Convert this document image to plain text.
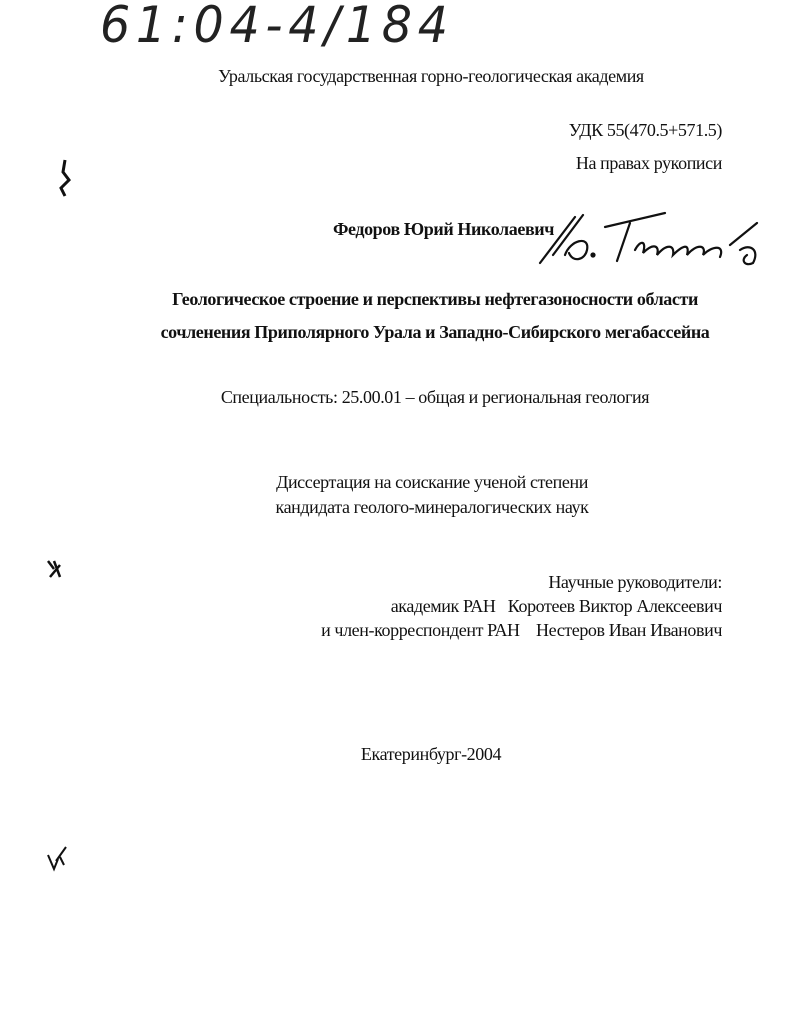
61:04-4/184
Уральская государственная горно-геологическая академия
УДК 55(470.5+571.5)
На правах рукописи
Федоров Юрий Николаевич
Геологическое строение и перспективы нефтегазоносности области
сочленения Приполярного Урала и Западно-Сибирского мегабассейна
Специальность: 25.00.01 – общая и региональная геология
Диссертация на соискание ученой степени
кандидата геолого-минералогических наук
Научные руководители:
академик РАН   Коротеев Виктор Алексеевич
и член-корреспондент РАН    Нестеров Иван Иванович
Екатеринбург-2004
